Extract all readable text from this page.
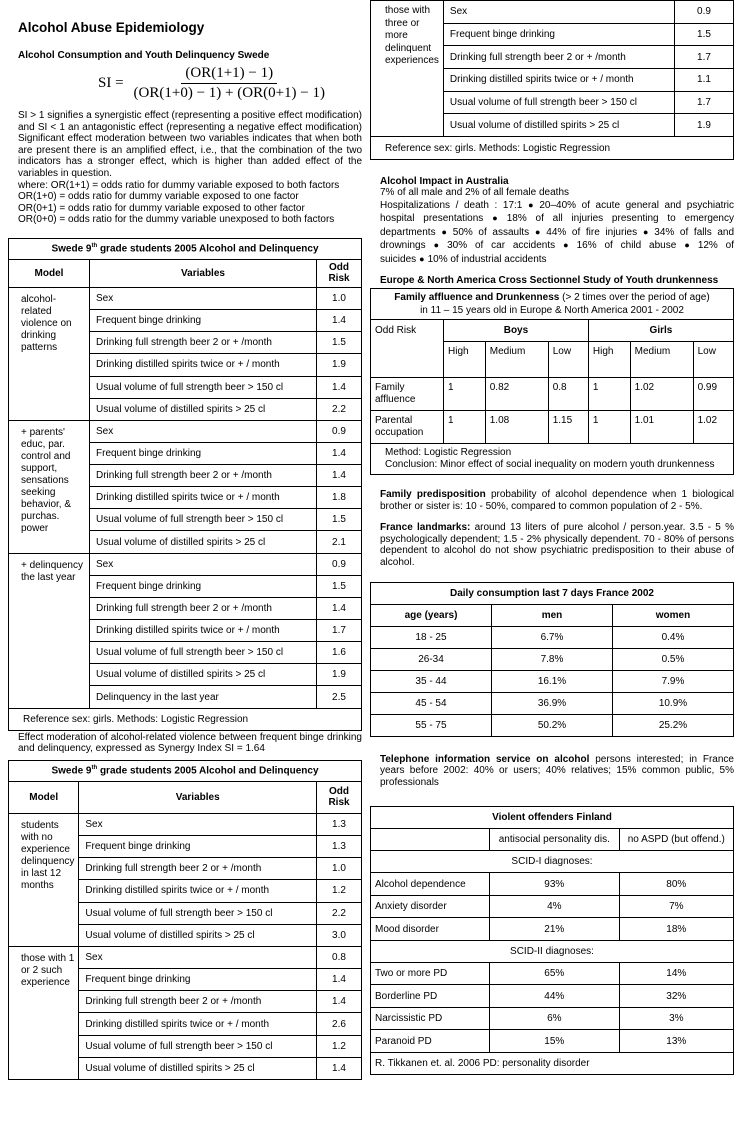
Alcohol Abuse Epidemiology
Alcohol Consumption and Youth Delinquency Swede
SI = $\frac{(OR(1+1) - 1)}{(OR(1+0) - 1) + (OR(0+1) - 1)}$
SI > 1 signifies a synergistic effect (representing a positive effect modification) and SI < 1 an antagonistic effect (representing a negative effect modification) Significant effect moderation between two variables indicates that when both are present there is an amplified effect, i.e., that the combination of the two indicators has a stronger effect, which is higher than added effect of the variables in question.
where: OR(1+1) = odds ratio for dummy variable exposed to both factors
OR(1+0) = odds ratio for dummy variable exposed to one factor
OR(0+1) = odds ratio for dummy variable exposed to other factor
OR(0+0) = odds ratio for the dummy variable unexposed to both factors
Swede 9th grade students 2005 Alcohol and Delinquency		
Model	Variables	Odd Risk
alcohol-related violence on drinking patterns	Sex	1.0
	Frequent binge drinking	1.4
	Drinking full strength beer 2 or + /month	1.5
	Drinking distilled spirits twice or + / month	1.9
	Usual volume of full strength beer > 150 cl	1.4
	Usual volume of distilled spirits > 25 cl	2.2
+ parents' educ, par. control and support, sensations seeking behavior, & purchas. power	Sex	0.9
	Frequent binge drinking	1.4
	Drinking full strength beer 2 or + /month	1.4
	Drinking distilled spirits twice or + / month	1.8
	Usual volume of full strength beer > 150 cl	1.5
	Usual volume of distilled spirits > 25 cl	2.1
+ delinquency the last year	Sex	0.9
	Frequent binge drinking	1.5
	Drinking full strength beer 2 or + /month	1.4
	Drinking distilled spirits twice or + / month	1.7
	Usual volume of full strength beer > 150 cl	1.6
	Usual volume of distilled spirits > 25 cl	1.9
	Delinquency in the last year	2.5
Reference sex: girls. Methods: Logistic Regression		
Effect moderation of alcohol-related violence between frequent binge drinking and delinquency, expressed as Synergy Index SI = 1.64
Swede 9th grade students 2005 Alcohol and Delinquency		
Model	Variables	Odd Risk
students with no experience delinquency in last 12 months	Sex	1.3
	Frequent binge drinking	1.3
	Drinking full strength beer 2 or + /month	1.0
	Drinking distilled spirits twice or + / month	1.2
	Usual volume of full strength beer > 150 cl	2.2
	Usual volume of distilled spirits > 25 cl	3.0
those with 1 or 2 such experience	Sex	0.8
	Frequent binge drinking	1.4
	Drinking full strength beer 2 or + /month	1.4
	Drinking distilled spirits twice or + / month	2.6
	Usual volume of full strength beer > 150 cl	1.2
	Usual volume of distilled spirits > 25 cl	1.4
those with three or more delinquent experiences	Sex	0.9
	Frequent binge drinking	1.5
	Drinking full strength beer 2 or + /month	1.7
	Drinking distilled spirits twice or + / month	1.1
	Usual volume of full strength beer > 150 cl	1.7
	Usual volume of distilled spirits > 25 cl	1.9
Reference sex: girls. Methods: Logistic Regression		
Alcohol Impact in Australia
7% of all male and 2% of all female deaths
Hospitalizations / death : 17:1 ● 20–40% of acute general and psychiatric hospital presentations ● 18% of all injuries presenting to emergency departments ● 50% of assaults ● 44% of fire injuries ● 34% of falls and drownings ● 30% of car accidents ● 16% of child abuse ● 12% of suicides ● 10% of industrial accidents
Europe & North America Cross Sectionnel Study of Youth drunkenness
Family affluence and Drunkenness (> 2 times over the period of age)
in 11 – 15 years old in Europe & North America 2001 - 2002						
Odd Risk	Boys			Girls		
	High	Medium	Low	High	Medium	Low
Family affluence	1	0.82	0.8	1	1.02	0.99
Parental occupation	1	1.08	1.15	1	1.01	1.02

Method: Logistic Regression
Conclusion: Minor effect of social inequality on modern youth drunkenness						
Family predisposition probability of alcohol dependence when 1 biological brother or sister is: 10 - 50%, compared to common population of 2 - 5%.
France landmarks: around 13 liters of pure alcohol / person.year. 3.5 - 5 % psychologically dependent; 1.5 - 2% physically dependent. 70 - 80% of persons dependent to alcohol do not show psychiatric predisposition to their abuse of alcohol.
Daily consumption last 7 days France 2002		
age (years)	men	women
18 - 25	6.7%	0.4%
26-34	7.8%	0.5%
35 - 44	16.1%	7.9%
45 - 54	36.9%	10.9%
55 - 75	50.2%	25.2%
Telephone information service on alcohol persons interested; in France years before 2002: 40% or users; 40% relatives; 15% common public, 5% professionals
Violent offenders Finland		
	antisocial personality dis.	no ASPD (but offend.)
SCID-I diagnoses:		
Alcohol dependence	93%	80%
Anxiety disorder	4%	7%
Mood disorder	21%	18%
SCID-II diagnoses:		
Two or more PD	65%	14%
Borderline PD	44%	32%
Narcissistic PD	6%	3%
Paranoid PD	15%	13%
R. Tikkanen et. al. 2006 PD: personality disorder		
